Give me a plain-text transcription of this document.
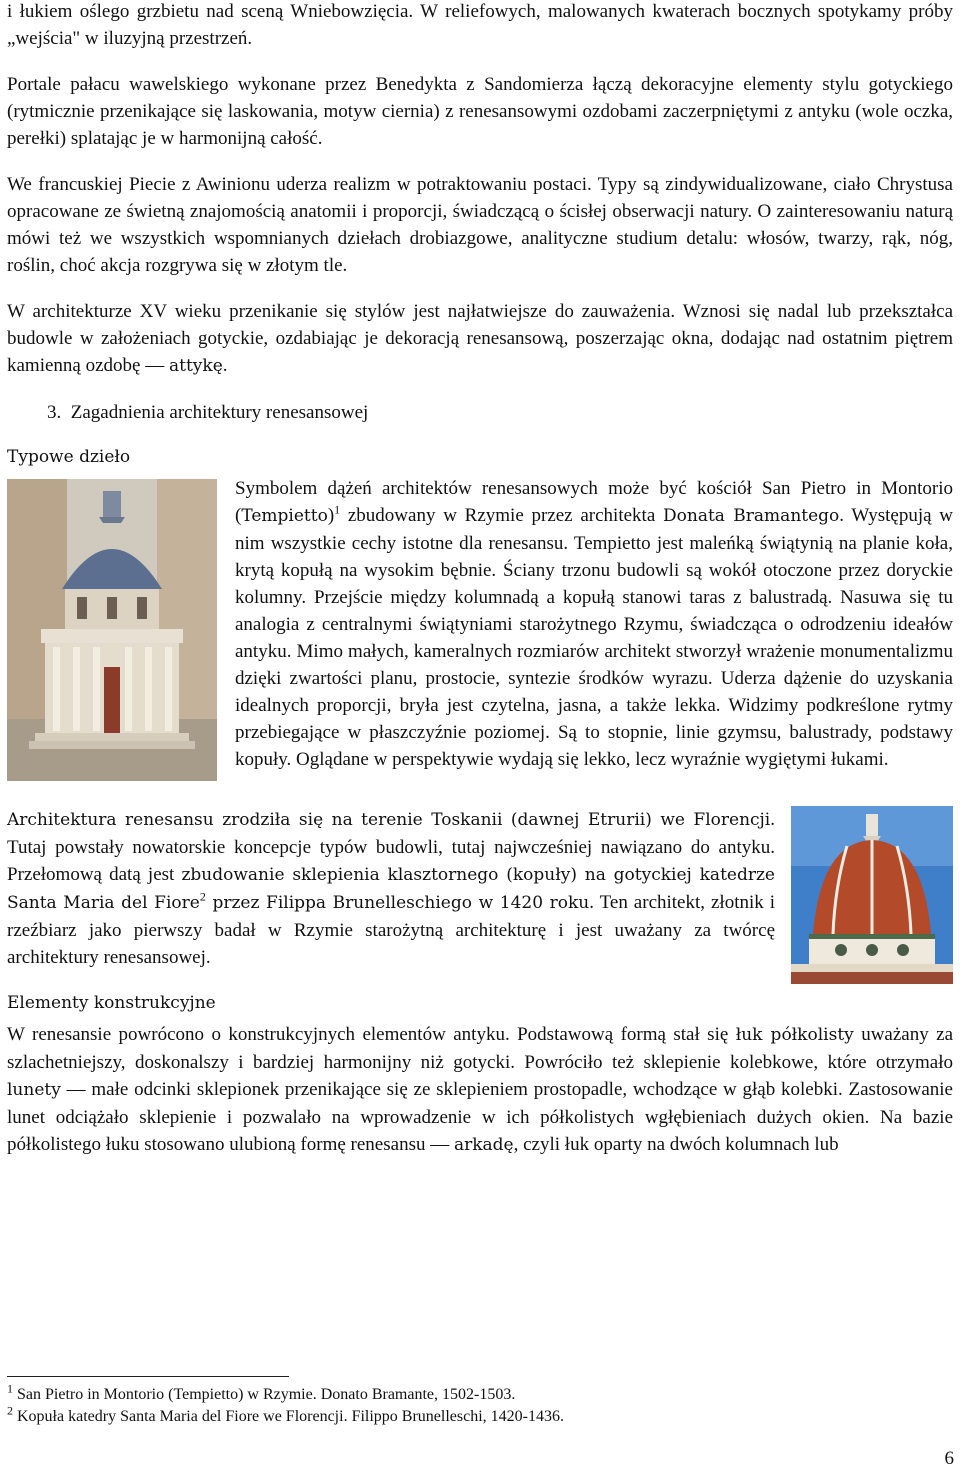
i łukiem oślego grzbietu nad sceną Wniebowzięcia. W reliefowych, malowanych kwaterach bocznych spotykamy próby „wejścia" w iluzyjną przestrzeń.

Portale pałacu wawelskiego wykonane przez Benedykta z Sandomierza łączą dekoracyjne elementy stylu gotyckiego (rytmicznie przenikające się laskowania, motyw ciernia) z renesansowymi ozdobami zaczerpniętymi z antyku (wole oczka, perełki) splatając je w harmonijną całość.

We francuskiej Piecie z Awinionu uderza realizm w potraktowaniu postaci. Typy są zindywidualizowane, ciało Chrystusa opracowane ze świetną znajomością anatomii i proporcji, świadczącą o ścisłej obserwacji natury. O zainteresowaniu naturą mówi też we wszystkich wspomnianych dziełach drobiazgowe, analityczne studium detalu: włosów, twarzy, rąk, nóg, roślin, choć akcja rozgrywa się w złotym tle.

W architekturze XV wieku przenikanie się stylów jest najłatwiejsze do zauważenia. Wznosi się nadal lub przekształca budowle w założeniach gotyckie, ozdabiając je dekoracją renesansową, poszerzając okna, dodając nad ostatnim piętrem kamienną ozdobę — attykę.

3. Zagadnienia architektury renesansowej
Typowe dzieło

Symbolem dążeń architektów renesansowych może być kościół San Pietro in Montorio (Tempietto)$^1$ zbudowany w Rzymie przez architekta Donata Bramantego. Występują w nim wszystkie cechy istotne dla renesansu. Tempietto jest maleńką świątynią na planie koła, krytą kopułą na wysokim bębnie. Ściany trzonu budowli są wokół otoczone przez doryckie kolumny. Przejście między kolumnadą a kopułą stanowi taras z balustradą. Nasuwa się tu analogia z centralnymi świątyniami starożytnego Rzymu, świadcząca o odrodzeniu ideałów antyku. Mimo małych, kameralnych rozmiarów architekt stworzył wrażenie monumentalizmu dzięki zwartości planu, prostocie, syntezie środków wyrazu. Uderza dążenie do uzyskania idealnych proporcji, bryła jest czytelna, jasna, a także lekka. Widzimy podkreślone rytmy przebiegające w płaszczyźnie poziomej. Są to stopnie, linie gzymsu, balustrady, podstawy kopuły. Oglądane w perspektywie wydają się lekko, lecz wyraźnie wygiętymi łukami.

Architektura renesansu zrodziła się na terenie Toskanii (dawnej Etrurii) we Florencji. Tutaj powstały nowatorskie koncepcje typów budowli, tutaj najwcześniej nawiązano do antyku. Przełomową datą jest zbudowanie sklepienia klasztornego (kopuły) na gotyckiej katedrze Santa Maria del Fiore$^2$ przez Filippa Brunelleschiego w 1420 roku. Ten architekt, złotnik i rzeźbiarz jako pierwszy badał w Rzymie starożytną architekturę i jest uważany za twórcę architektury renesansowej.

Elementy konstrukcyjne

W renesansie powrócono o konstrukcyjnych elementów antyku. Podstawową formą stał się łuk półkolisty uważany za szlachetniejszy, doskonalszy i bardziej harmonijny niż gotycki. Powróciło też sklepienie kolebkowe, które otrzymało lunety — małe odcinki sklepionek przenikające się ze sklepieniem prostopadle, wchodzące w głąb kolebki. Zastosowanie lunet odciążało sklepienie i pozwalało na wprowadzenie w ich półkolistych wgłębieniach dużych okien. Na bazie półkolistego łuku stosowano ulubioną formę renesansu — arkadę, czyli łuk oparty na dwóch kolumnach lub

$^1$ San Pietro in Montorio (Tempietto) w Rzymie. Donato Bramante, 1502-1503.
$^2$ Kopuła katedry Santa Maria del Fiore we Florencji. Filippo Brunelleschi, 1420-1436.
6
